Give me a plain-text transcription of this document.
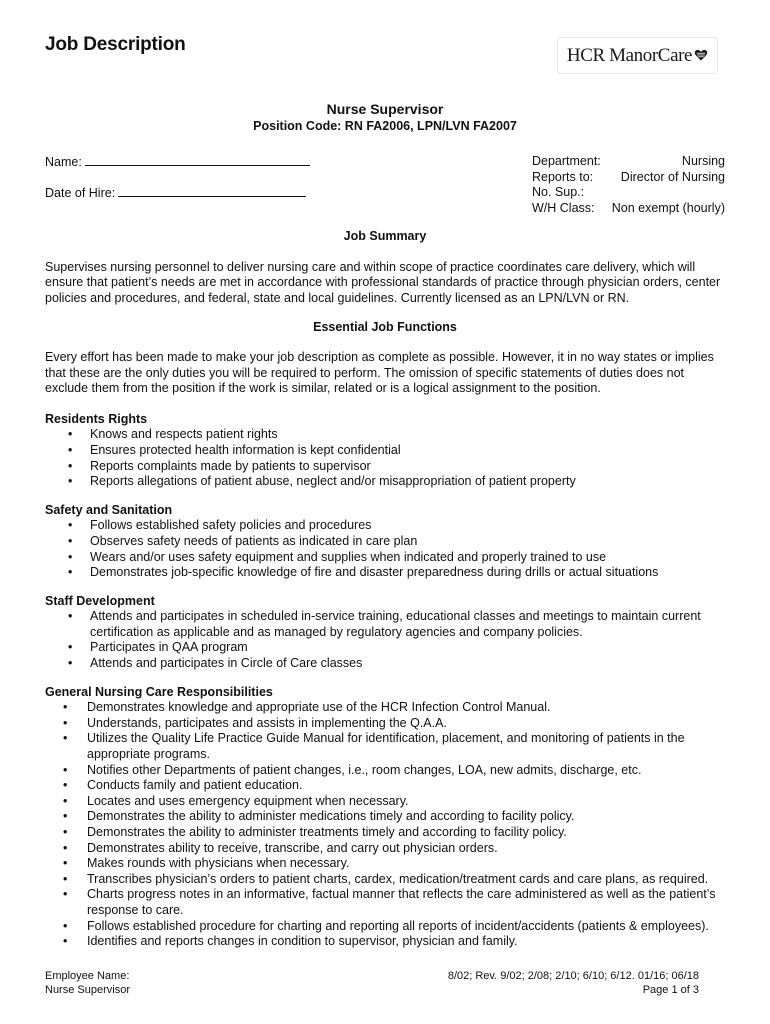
Job Description	HCR ManorCare
Nurse Supervisor
Position Code: RN FA2006, LPN/LVN FA2007
Name:
Date of Hire:
Department:	Nursing
Reports to: Director of Nursing
No. Sup.:
W/H Class: Non exempt (hourly)
Job Summary

Supervises nursing personnel to deliver nursing care and within scope of practice coordinates care delivery, which will ensure that patient’s needs are met in accordance with professional standards of practice through physician orders, center policies and procedures, and federal, state and local guidelines. Currently licensed as an LPN/LVN or RN.

Essential Job Functions

Every effort has been made to make your job description as complete as possible. However, it in no way states or implies that these are the only duties you will be required to perform. The omission of specific statements of duties does not exclude them from the position if the work is similar, related or is a logical assignment to the position.

Residents Rights
• Knows and respects patient rights
• Ensures protected health information is kept confidential
• Reports complaints made by patients to supervisor
• Reports allegations of patient abuse, neglect and/or misappropriation of patient property
Safety and Sanitation
• Follows established safety policies and procedures
• Observes safety needs of patients as indicated in care plan
• Wears and/or uses safety equipment and supplies when indicated and properly trained to use
• Demonstrates job-specific knowledge of fire and disaster preparedness during drills or actual situations
Staff Development
• Attends and participates in scheduled in-service training, educational classes and meetings to maintain current certification as applicable and as managed by regulatory agencies and company policies.
• Participates in QAA program
• Attends and participates in Circle of Care classes
General Nursing Care Responsibilities
• Demonstrates knowledge and appropriate use of the HCR Infection Control Manual.
• Understands, participates and assists in implementing the Q.A.A.
• Utilizes the Quality Life Practice Guide Manual for identification, placement, and monitoring of patients in the appropriate programs.
• Notifies other Departments of patient changes, i.e., room changes, LOA, new admits, discharge, etc.
• Conducts family and patient education.
• Locates and uses emergency equipment when necessary.
• Demonstrates the ability to administer medications timely and according to facility policy.
• Demonstrates the ability to administer treatments timely and according to facility policy.
• Demonstrates ability to receive, transcribe, and carry out physician orders.
• Makes rounds with physicians when necessary.
• Transcribes physician’s orders to patient charts, cardex, medication/treatment cards and care plans, as required.
• Charts progress notes in an informative, factual manner that reflects the care administered as well as the patient’s response to care.
• Follows established procedure for charting and reporting all reports of incident/accidents (patients & employees).
• Identifies and reports changes in condition to supervisor, physician and family.
Employee Name:
Nurse Supervisor
8/02; Rev. 9/02; 2/08; 2/10; 6/10; 6/12. 01/16; 06/18
Page 1 of 3
